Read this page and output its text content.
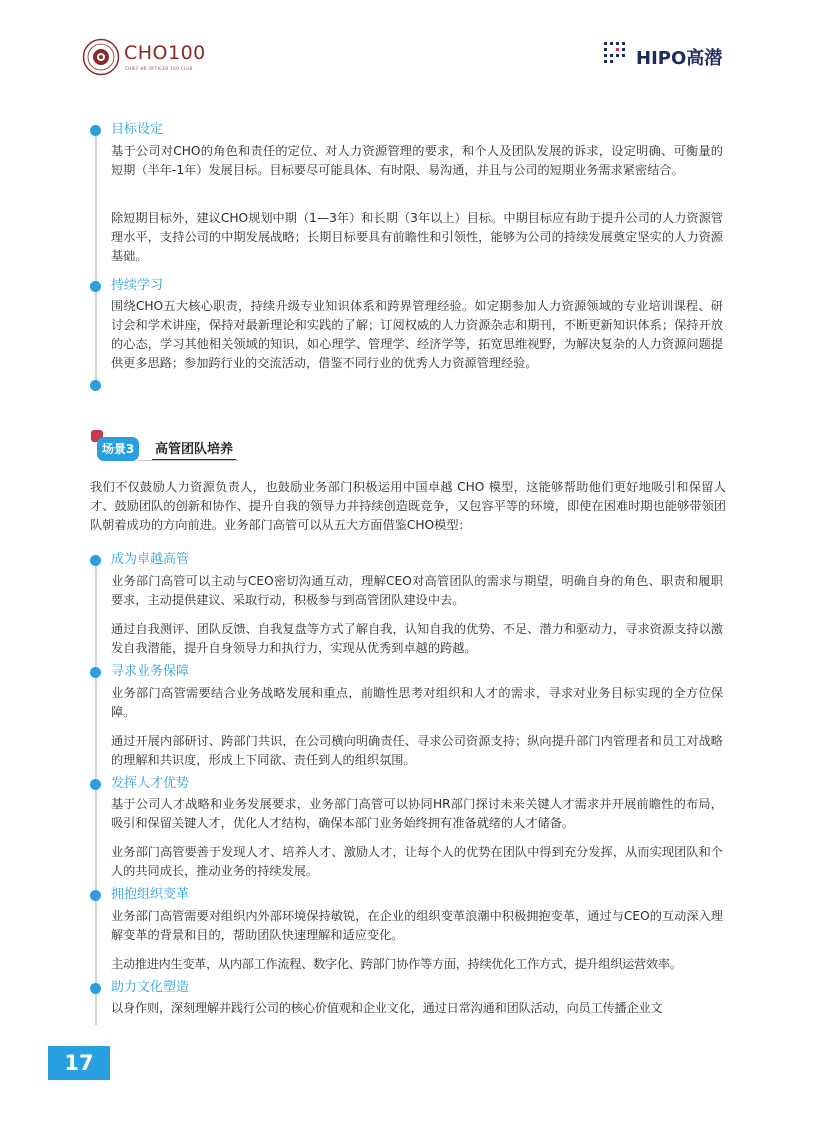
CHO100
CHIEF HR OFFICER 100 CLUB	HIPO高潜
目标设定
基于公司对CHO的角色和责任的定位、对人力资源管理的要求，和个人及团队发展的诉求，设定明确、可衡量的短期（半年-1年）发展目标。目标要尽可能具体、有时限、易沟通，并且与公司的短期业务需求紧密结合。
除短期目标外，建议CHO规划中期（1—3年）和长期（3年以上）目标。中期目标应有助于提升公司的人力资源管理水平，支持公司的中期发展战略；长期目标要具有前瞻性和引领性，能够为公司的持续发展奠定坚实的人力资源基础。
持续学习
围绕CHO五大核心职责，持续升级专业知识体系和跨界管理经验。如定期参加人力资源领域的专业培训课程、研讨会和学术讲座，保持对最新理论和实践的了解；订阅权威的人力资源杂志和期刊，不断更新知识体系；保持开放的心态，学习其他相关领域的知识，如心理学、管理学、经济学等，拓宽思维视野，为解决复杂的人力资源问题提供更多思路；参加跨行业的交流活动，借鉴不同行业的优秀人力资源管理经验。
场景3	高管团队培养
我们不仅鼓励人力资源负责人，也鼓励业务部门积极运用中国卓越 CHO 模型，这能够帮助他们更好地吸引和保留人才、鼓励团队的创新和协作、提升自我的领导力并持续创造既竞争，又包容平等的环境，即使在困难时期也能够带领团队朝着成功的方向前进。业务部门高管可以从五大方面借鉴CHO模型：
成为卓越高管
业务部门高管可以主动与CEO密切沟通互动，理解CEO对高管团队的需求与期望，明确自身的角色、职责和履职要求，主动提供建议、采取行动，积极参与到高管团队建设中去。
通过自我测评、团队反馈、自我复盘等方式了解自我，认知自我的优势、不足、潜力和驱动力，寻求资源支持以激发自我潜能，提升自身领导力和执行力，实现从优秀到卓越的跨越。
寻求业务保障
业务部门高管需要结合业务战略发展和重点，前瞻性思考对组织和人才的需求，寻求对业务目标实现的全方位保障。
通过开展内部研讨、跨部门共识，在公司横向明确责任、寻求公司资源支持；纵向提升部门内管理者和员工对战略的理解和共识度，形成上下同欲、责任到人的组织氛围。
发挥人才优势
基于公司人才战略和业务发展要求，业务部门高管可以协同HR部门探讨未来关键人才需求并开展前瞻性的布局，吸引和保留关键人才，优化人才结构，确保本部门业务始终拥有准备就绪的人才储备。
业务部门高管要善于发现人才、培养人才、激励人才，让每个人的优势在团队中得到充分发挥，从而实现团队和个人的共同成长，推动业务的持续发展。
拥抱组织变革
业务部门高管需要对组织内外部环境保持敏锐，在企业的组织变革浪潮中积极拥抱变革，通过与CEO的互动深入理解变革的背景和目的，帮助团队快速理解和适应变化。
主动推进内生变革，从内部工作流程、数字化、跨部门协作等方面，持续优化工作方式，提升组织运营效率。
助力文化塑造
以身作则，深刻理解并践行公司的核心价值观和企业文化，通过日常沟通和团队活动，向员工传播企业文
17
